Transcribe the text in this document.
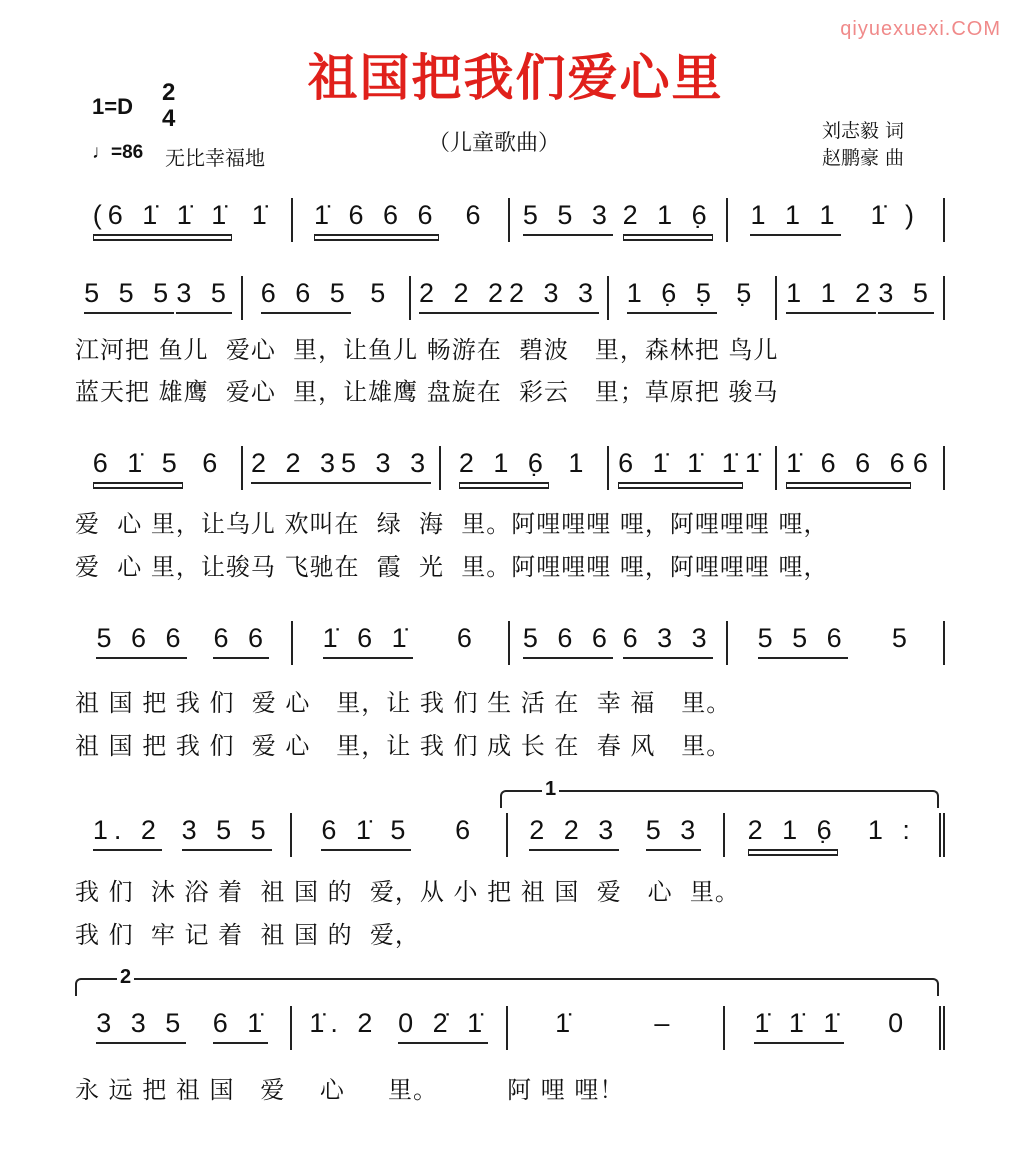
qiyuexuexi.COM
祖国把我们爱心里
1=D
2
4
♩=86 无比幸福地
（儿童歌曲）	刘志毅 词
赵鹏豪 曲
(6 1̇ 1̇ 1̇ 1̇ 1̇ 6 6 6 6 5 5 3 2 1 6̣ 1 1 1 1̇ )
5 5 5 3 5 6 6 5 5 2 2 2 2 3 3 1 6̣ 5̣ 5̣ 1 1 2 3 5
江河把 鱼儿  爱心  里，让鱼儿 畅游在  碧波   里，森林把 鸟儿
蓝天把 雄鹰  爱心  里，让雄鹰 盘旋在  彩云   里；草原把 骏马
6 1̇ 5 6 2 2 3 5 3 3 2 1 6̣ 1 6 1̇ 1̇ 1̇ 1̇ 1̇ 6 6 6 6
爱  心 里，让乌儿 欢叫在  绿  海  里。阿哩哩哩 哩，阿哩哩哩 哩，
爱  心 里，让骏马 飞驰在  霞  光  里。阿哩哩哩 哩，阿哩哩哩 哩，
5 6 6 6 6 1̇ 6 1̇ 6 5 6 6 6 3 3 5 5 6 5
祖 国 把 我 们  爱 心   里，让 我 们 生 活 在  幸 福   里。
祖 国 把 我 们  爱 心   里，让 我 们 成 长 在  春 风   里。
1. 2 3 5 5 6 1̇ 5 6 2 2 3 5 3 2 1 6̣ 1 :
1
我 们  沐 浴 着  祖 国 的  爱，从 小 把 祖 国  爱   心  里。
我 们  牢 记 着  祖 国 的  爱，
3 3 5 6 1̇ 1̇. 2 0 2̇ 1̇ 1̇	–	1̇ 1̇ 1̇ 0
2
永 远 把 祖 国   爱    心     里。        阿 哩 哩！
